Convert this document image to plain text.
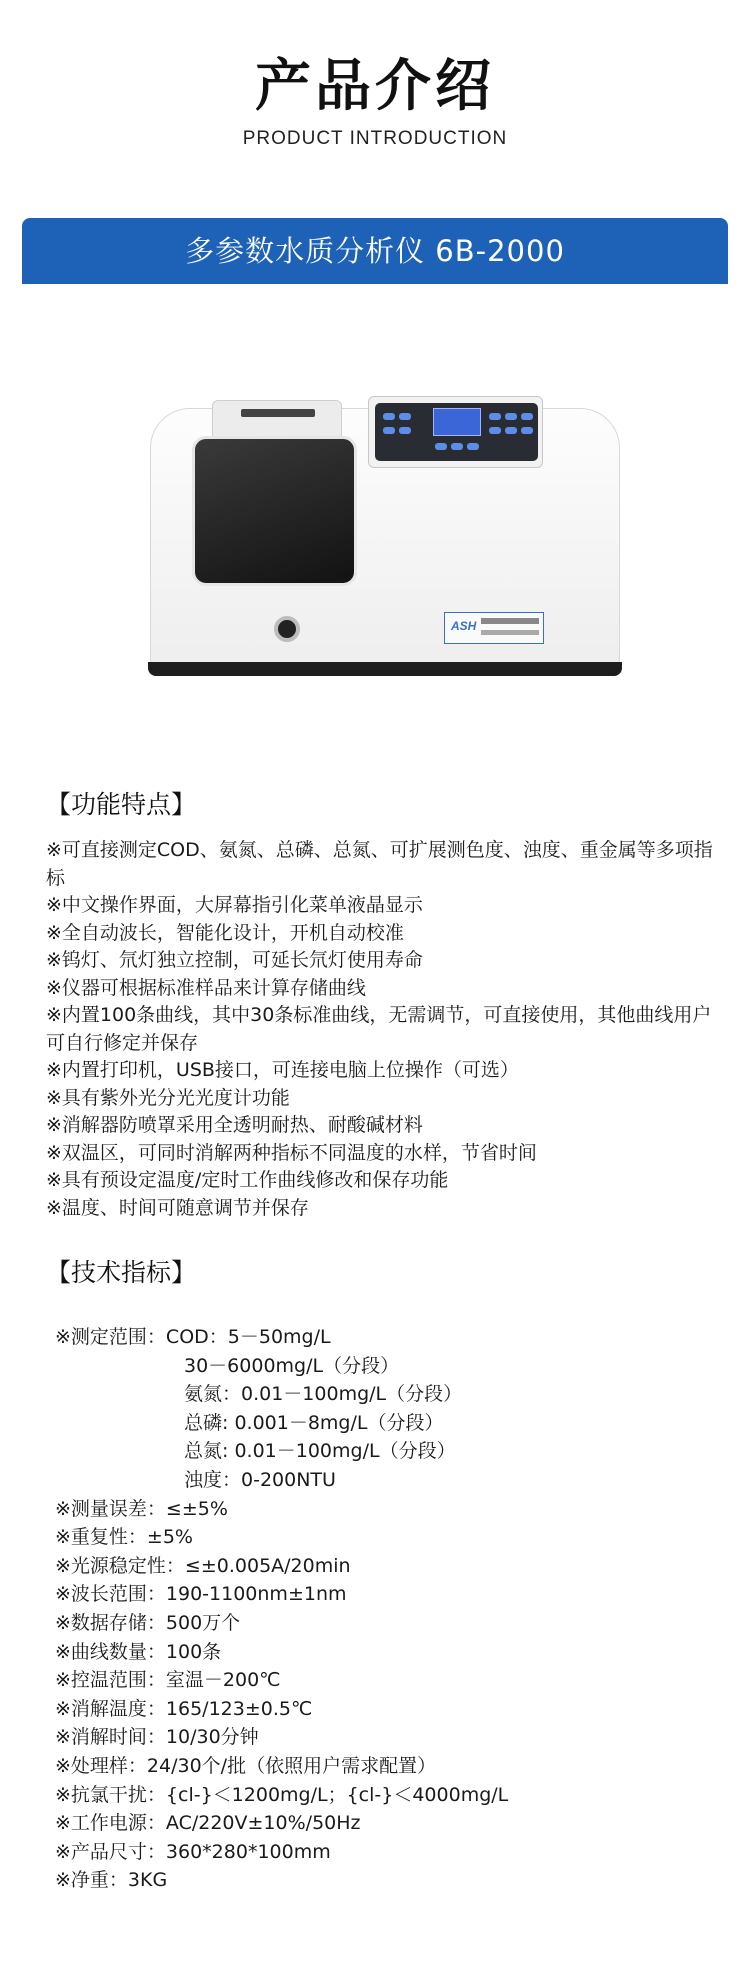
产品介绍
PRODUCT INTRODUCTION
多参数水质分析仪 6B-2000
ASH
【功能特点】
※可直接测定COD、氨氮、总磷、总氮、可扩展测色度、浊度、重金属等多项指标
※中文操作界面，大屏幕指引化菜单液晶显示
※全自动波长，智能化设计，开机自动校准
※钨灯、氘灯独立控制，可延长氘灯使用寿命
※仪器可根据标准样品来计算存储曲线
※内置100条曲线，其中30条标准曲线，无需调节，可直接使用，其他曲线用户可自行修定并保存
※内置打印机，USB接口，可连接电脑上位操作（可选）
※具有紫外光分光光度计功能
※消解器防喷罩采用全透明耐热、耐酸碱材料
※双温区，可同时消解两种指标不同温度的水样，节省时间
※具有预设定温度/定时工作曲线修改和保存功能
※温度、时间可随意调节并保存
【技术指标】
※测定范围：COD：5－50mg/L
30－6000mg/L（分段）
氨氮：0.01－100mg/L（分段）
总磷: 0.001－8mg/L（分段）
总氮: 0.01－100mg/L（分段）
浊度：0-200NTU
※测量误差：≤±5%
※重复性：±5%
※光源稳定性：≤±0.005A/20min
※波长范围：190-1100nm±1nm
※数据存储：500万个
※曲线数量：100条
※控温范围：室温－200℃
※消解温度：165/123±0.5℃
※消解时间：10/30分钟
※处理样：24/30个/批（依照用户需求配置）
※抗氯干扰：{cl-}＜1200mg/L；{cl-}＜4000mg/L
※工作电源：AC/220V±10%/50Hz
※产品尺寸：360*280*100mm
※净重：3KG
